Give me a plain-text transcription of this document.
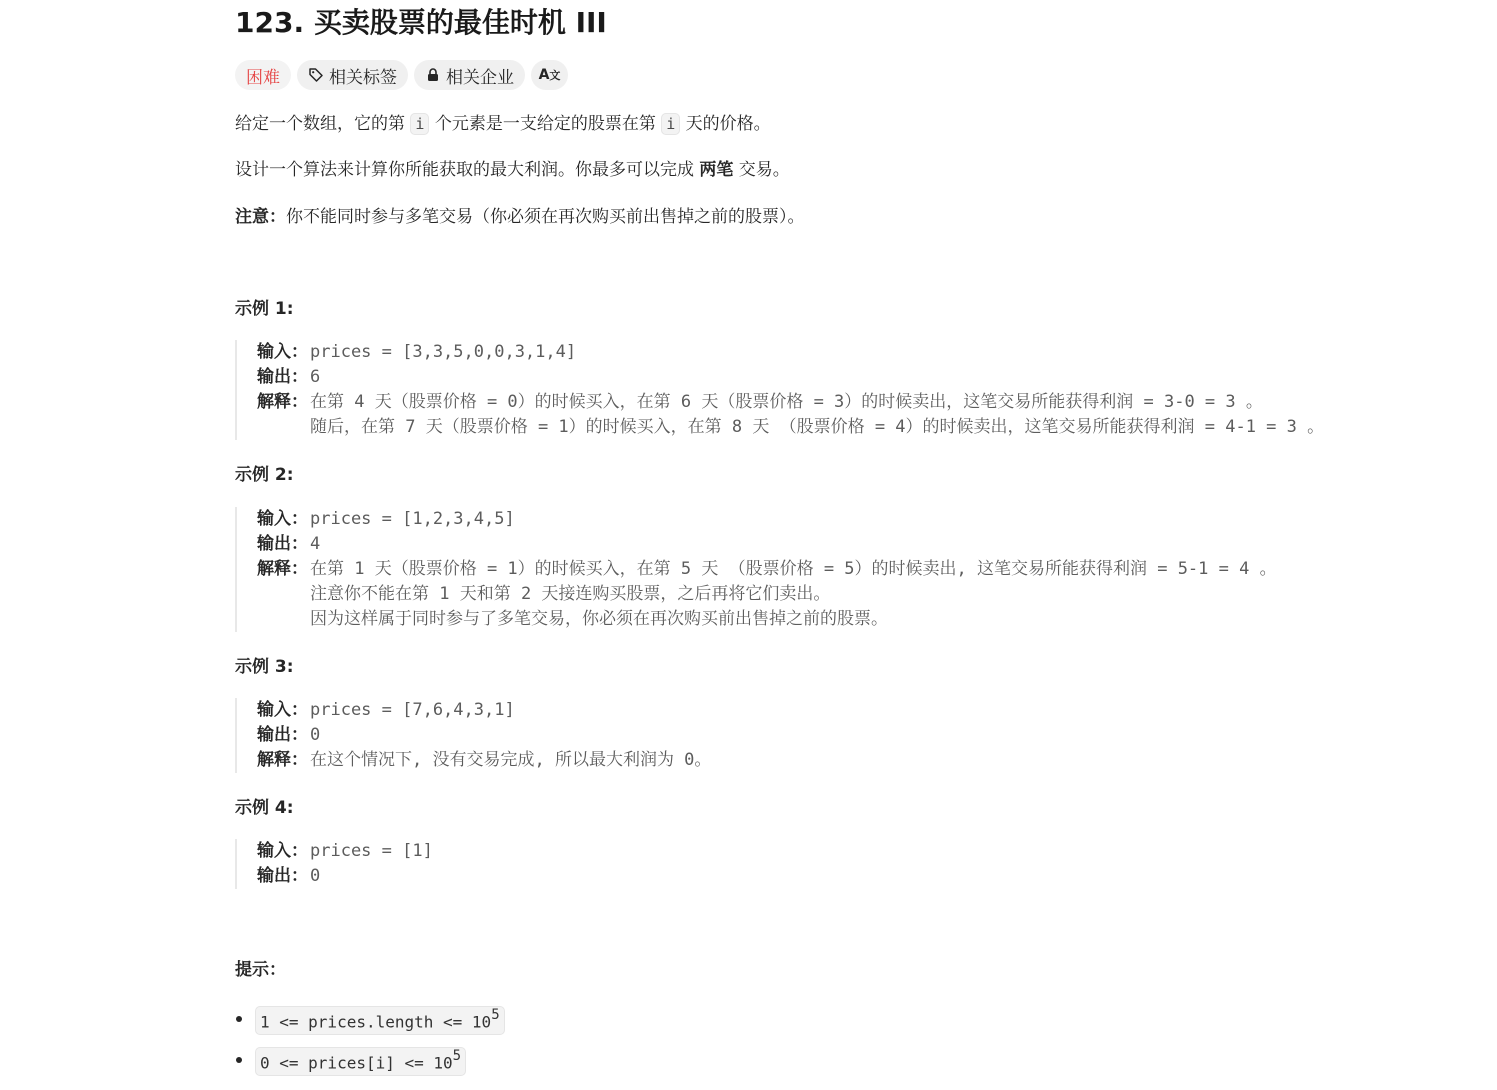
123. 买卖股票的最佳时机 III
困难	相关标签	相关企业 A文

给定一个数组，它的第 i 个元素是一支给定的股票在第 i 天的价格。

设计一个算法来计算你所能获取的最大利润。你最多可以完成 两笔 交易。

注意：你不能同时参与多笔交易（你必须在再次购买前出售掉之前的股票）。

示例 1:
输入： prices = [3,3,5,0,0,3,1,4]
输出： 6
解释： 在第 4 天（股票价格 = 0）的时候买入，在第 6 天（股票价格 = 3）的时候卖出，这笔交易所能获得利润 = 3-0 = 3 。
随后，在第 7 天（股票价格 = 1）的时候买入，在第 8 天 （股票价格 = 4）的时候卖出，这笔交易所能获得利润 = 4-1 = 3 。
示例 2:
输入： prices = [1,2,3,4,5]
输出： 4
解释： 在第 1 天（股票价格 = 1）的时候买入，在第 5 天 （股票价格 = 5）的时候卖出, 这笔交易所能获得利润 = 5-1 = 4 。
注意你不能在第 1 天和第 2 天接连购买股票，之后再将它们卖出。
因为这样属于同时参与了多笔交易，你必须在再次购买前出售掉之前的股票。
示例 3:
输入： prices = [7,6,4,3,1]
输出： 0
解释： 在这个情况下, 没有交易完成, 所以最大利润为 0。
示例 4:
输入： prices = [1]
输出： 0
提示：
1 <= prices.length <= $10^5$
0 <= prices[i] <= $10^5$
